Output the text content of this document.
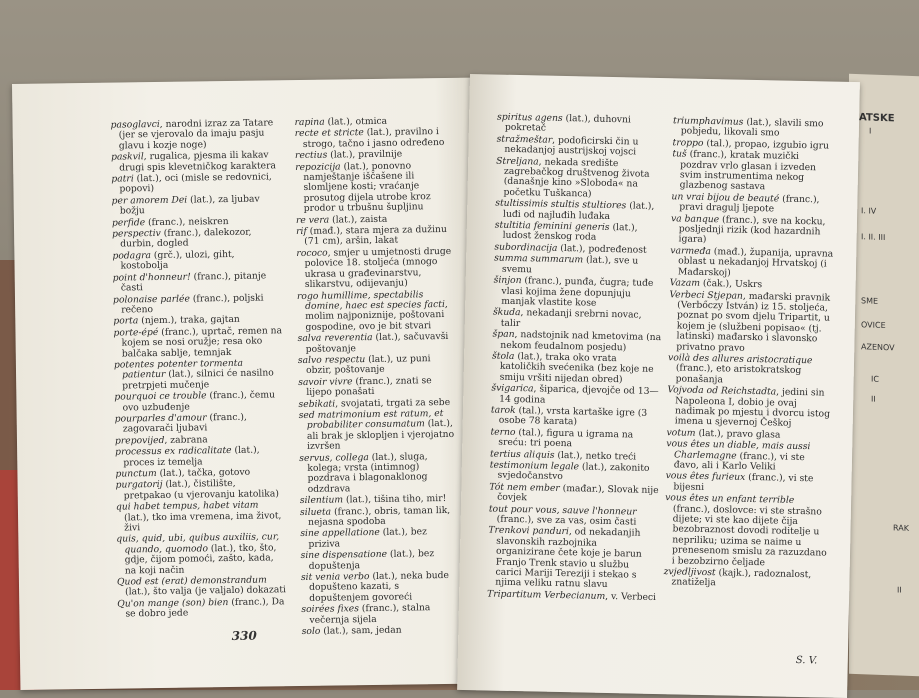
ATSKE
I
I. IV
I. II. III
SME
OVICE
AZENOV
IC
II
RAK
II
pasoglavci, narodni izraz za Tatare (jer se vjerovalo da imaju pasju glavu i kozje noge)
paskvil, rugalica, pjesma ili kakav drugi spis klevetničkog karaktera
patri (lat.), oci (misle se redovnici, popovi)
per amorem Dei (lat.), za ljubav božju
perfide (franc.), neiskren
perspectiv (franc.), dalekozor, durbin, dogled
podagra (grč.), ulozi, giht, kostobolja
point d'honneur! (franc.), pitanje časti
polonaise parlée (franc.), poljski rečeno
porta (njem.), traka, gajtan
porte-épé (franc.), uprtač, remen na kojem se nosi oružje; resa oko balčaka sablje, temnjak
potentes potenter tormenta patientur (lat.), silnici će nasilno pretrpjeti mučenje
pourquoi ce trouble (franc.), čemu ovo uzbuđenje
pourparles d'amour (franc.), zagovarači ljubavi
prepovijed, zabrana
processus ex radicalitate (lat.), proces iz temelja
punctum (lat.), tačka, gotovo
purgatorij (lat.), čistilište, pretpakao (u vjerovanju katolika)
qui habet tempus, habet vitam (lat.), tko ima vremena, ima život, živi
quis, quid, ubi, quibus auxiliis, cur, quando, quomodo (lat.), tko, što, gdje, čijom pomoći, zašto, kada, na koji način
Quod est (erat) demonstrandum (lat.), što valja (je valjalo) dokazati
Qu'on mange (son) bien (franc.), Da se dobro jede
rapina (lat.), otmica
recte et stricte (lat.), pravilno i strogo, tačno i jasno određeno
rectius (lat.), pravilnije
repozicija (lat.), ponovno namještanje iščašene ili slomljene kosti; vraćanje prosutog dijela utrobe kroz prodor u trbušnu šupljinu
re vera (lat.), zaista
rif (mađ.), stara mjera za dužinu (71 cm), aršin, lakat
rococo, smjer u umjetnosti druge polovice 18. stoljeća (mnogo ukrasa u građevinarstvu, slikarstvu, odijevanju)
rogo humillime, spectabilis domine, haec est species facti, molim najponiznije, poštovani gospodine, ovo je bit stvari
salva reverentia (lat.), sačuvavši poštovanje
salvo respectu (lat.), uz puni obzir, poštovanje
savoir vivre (franc.), znati se lijepo ponašati
sebikati, svojatati, trgati za sebe
sed matrimonium est ratum, et probabiliter consumatum (lat.), ali brak je sklopljen i vjerojatno izvršen
servus, collega (lat.), sluga, kolega; vrsta (intimnog) pozdrava i blagonaklonog odzdrava
silentium (lat.), tišina tiho, mir!
silueta (franc.), obris, taman lik, nejasna spodoba
sine appellatione (lat.), bez priziva
sine dispensatione (lat.), bez dopuštenja
sit venia verbo (lat.), neka bude dopušteno kazati, s dopuštenjem govoreći
soirées fixes (franc.), stalna večernja sijela
solo (lat.), sam, jedan
330
spiritus agens (lat.), duhovni pokretač
stražmeštar, podoficirski čin u nekadanjoj austrijskoj vojsci
Streljana, nekada središte zagrebačkog društvenog života (današnje kino »Sloboda« na početku Tuškanca)
stultissimis stultis stultiores (lat.), luđi od najluđih luđaka
stultitia feminini generis (lat.), ludost ženskog roda
subordinacija (lat.), podređenost
summa summarum (lat.), sve u svemu
šinjon (franc.), punđa, čugra; tuđe vlasi kojima žene dopunjuju manjak vlastite kose
škuda, nekadanji srebrni novac, talir
špan, nadstojnik nad kmetovima (na nekom feudalnom posjedu)
štola (lat.), traka oko vrata katoličkih svećenika (bez koje ne smiju vršiti nijedan obred)
švigarica, šiparica, djevojče od 13—14 godina
tarok (tal.), vrsta kartaške igre (3 osobe 78 karata)
terno (tal.), figura u igrama na sreću: tri poena
tertius aliquis (lat.), netko treći
testimonium legale (lat.), zakonito svjedočanstvo
Tót nem ember (mađar.), Slovak nije čovjek
tout pour vous, sauve l'honneur (franc.), sve za vas, osim časti
Trenkovi panduri, od nekadanjih slavonskih razbojnika organizirane čete koje je barun Franjo Trenk stavio u službu carici Mariji Tereziji i stekao s njima veliku ratnu slavu
Tripartitum Verbecianum, v. Verbeci
triumphavimus (lat.), slavili smo pobjedu, likovali smo
troppo (tal.), propao, izgubio igru
tuš (franc.), kratak muzički pozdrav vrlo glasan i izveden svim instrumentima nekog glazbenog sastava
un vrai bijou de beauté (franc.), pravi dragulj ljepote
va banque (franc.), sve na kocku, posljednji rizik (kod hazardnih igara)
varmeđa (mađ.), županija, upravna oblast u nekadanjoj Hrvatskoj (i Mađarskoj)
Vazam (čak.), Uskrs
Verbeci Stjepan, mađarski pravnik (Verbőczy István) iz 15. stoljeća, poznat po svom djelu Tripartit, u kojem je (službeni popisao« (tj. latinski) mađarsko i slavonsko privatno pravo
voilà des allures aristocratique (franc.), eto aristokratskog ponašanja
Vojvoda od Reichstadta, jedini sin Napoleona I, dobio je ovaj nadimak po mjestu i dvorcu istog imena u sjevernoj Češkoj
votum (lat.), pravo glasa
vous êtes un diable, mais aussi Charlemagne (franc.), vi ste đavo, ali i Karlo Veliki
vous êtes furieux (franc.), vi ste bijesni
vous êtes un enfant terrible (franc.), doslovce: vi ste strašno dijete; vi ste kao dijete čija bezobraznost dovodi roditelje u nepriliku; uzima se naime u prenesenom smislu za razuzdano i bezobzirno čeljade
zvjedljivost (kajk.), radoznalost, znatiželja
S. V.
